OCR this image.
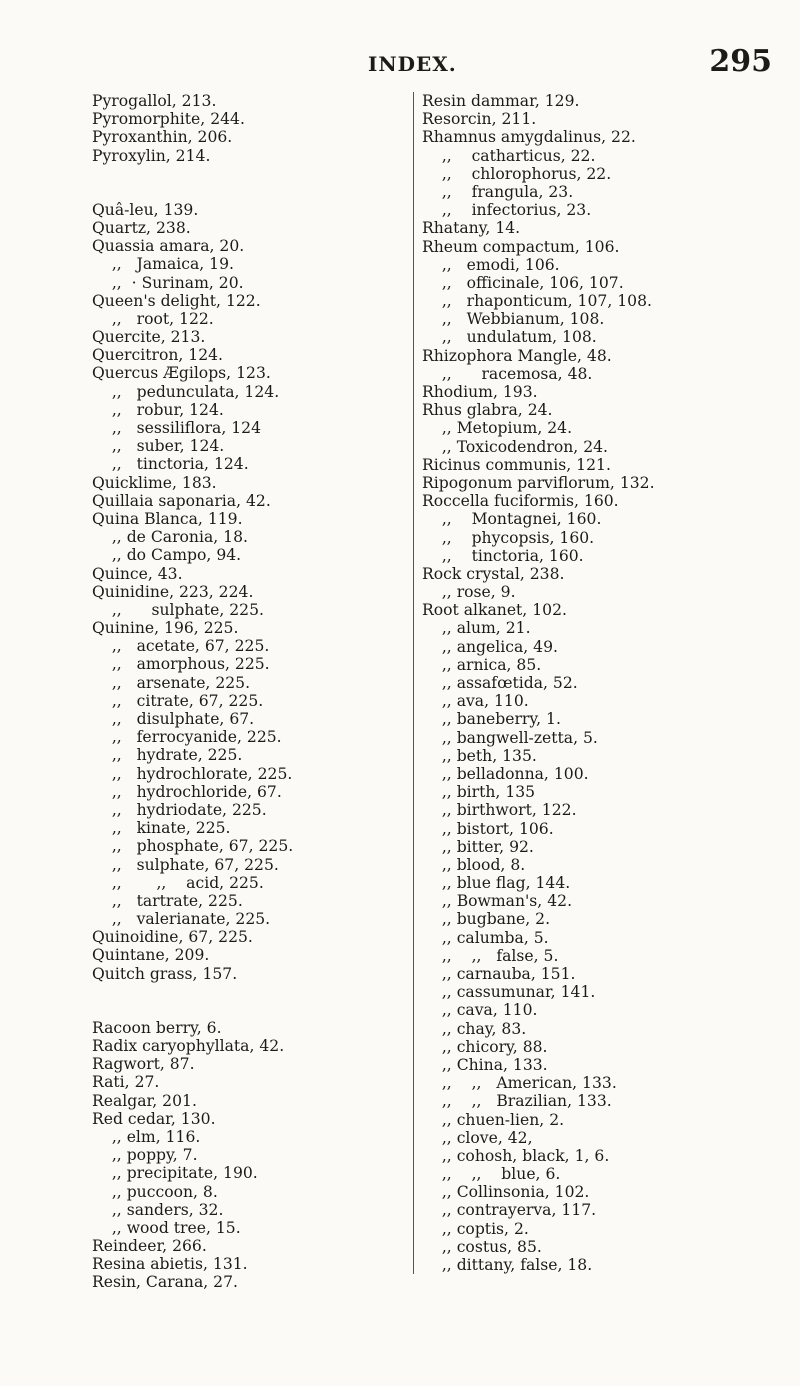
INDEX.	295
Pyrogallol, 213.
Pyromorphite, 244.
Pyroxanthin, 206.
Pyroxylin, 214.
Quâ-leu, 139.
Quartz, 238.
Quassia amara, 20.
,,   Jamaica, 19.
,,  · Surinam, 20.
Queen's delight, 122.
,,   root, 122.
Quercite, 213.
Quercitron, 124.
Quercus Ægilops, 123.
,,   pedunculata, 124.
,,   robur, 124.
,,   sessiliflora, 124
,,   suber, 124.
,,   tinctoria, 124.
Quicklime, 183.
Quillaia saponaria, 42.
Quina Blanca, 119.
,, de Caronia, 18.
,, do Campo, 94.
Quince, 43.
Quinidine, 223, 224.
,,      sulphate, 225.
Quinine, 196, 225.
,,   acetate, 67, 225.
,,   amorphous, 225.
,,   arsenate, 225.
,,   citrate, 67, 225.
,,   disulphate, 67.
,,   ferrocyanide, 225.
,,   hydrate, 225.
,,   hydrochlorate, 225.
,,   hydrochloride, 67.
,,   hydriodate, 225.
,,   kinate, 225.
,,   phosphate, 67, 225.
,,   sulphate, 67, 225.
,,       ,,    acid, 225.
,,   tartrate, 225.
,,   valerianate, 225.
Quinoidine, 67, 225.
Quintane, 209.
Quitch grass, 157.
Racoon berry, 6.
Radix caryophyllata, 42.
Ragwort, 87.
Rati, 27.
Realgar, 201.
Red cedar, 130.
,, elm, 116.
,, poppy, 7.
,, precipitate, 190.
,, puccoon, 8.
,, sanders, 32.
,, wood tree, 15.
Reindeer, 266.
Resina abietis, 131.
Resin, Carana, 27.
Resin dammar, 129.
Resorcin, 211.
Rhamnus amygdalinus, 22.
,,    catharticus, 22.
,,    chlorophorus, 22.
,,    frangula, 23.
,,    infectorius, 23.
Rhatany, 14.
Rheum compactum, 106.
,,   emodi, 106.
,,   officinale, 106, 107.
,,   rhaponticum, 107, 108.
,,   Webbianum, 108.
,,   undulatum, 108.
Rhizophora Mangle, 48.
,,      racemosa, 48.
Rhodium, 193.
Rhus glabra, 24.
,, Metopium, 24.
,, Toxicodendron, 24.
Ricinus communis, 121.
Ripogonum parviflorum, 132.
Roccella fuciformis, 160.
,,    Montagnei, 160.
,,    phycopsis, 160.
,,    tinctoria, 160.
Rock crystal, 238.
,, rose, 9.
Root alkanet, 102.
,, alum, 21.
,, angelica, 49.
,, arnica, 85.
,, assafœtida, 52.
,, ava, 110.
,, baneberry, 1.
,, bangwell-zetta, 5.
,, beth, 135.
,, belladonna, 100.
,, birth, 135
,, birthwort, 122.
,, bistort, 106.
,, bitter, 92.
,, blood, 8.
,, blue flag, 144.
,, Bowman's, 42.
,, bugbane, 2.
,, calumba, 5.
,,    ,,   false, 5.
,, carnauba, 151.
,, cassumunar, 141.
,, cava, 110.
,, chay, 83.
,, chicory, 88.
,, China, 133.
,,    ,,   American, 133.
,,    ,,   Brazilian, 133.
,, chuen-lien, 2.
,, clove, 42,
,, cohosh, black, 1, 6.
,,    ,,    blue, 6.
,, Collinsonia, 102.
,, contrayerva, 117.
,, coptis, 2.
,, costus, 85.
,, dittany, false, 18.
